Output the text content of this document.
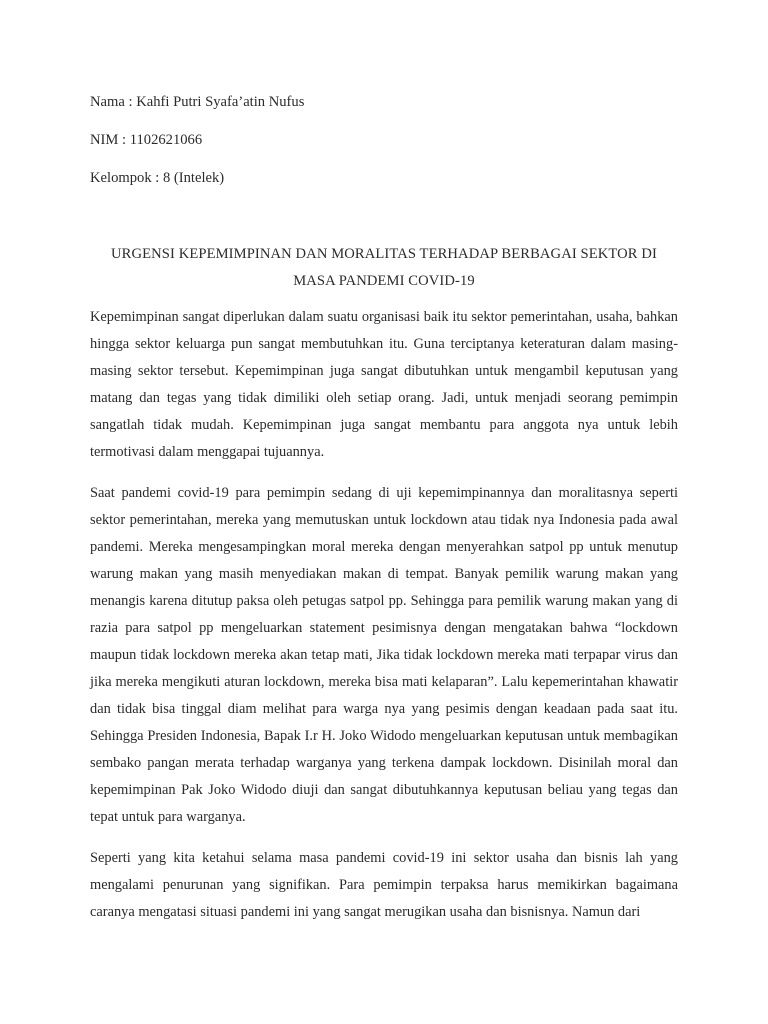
Nama : Kahfi Putri Syafa’atin Nufus

NIM : 1102621066

Kelompok : 8 (Intelek)

URGENSI KEPEMIMPINAN DAN MORALITAS TERHADAP BERBAGAI SEKTOR DI
MASA PANDEMI COVID-19

Kepemimpinan sangat diperlukan dalam suatu organisasi baik itu sektor pemerintahan, usaha, bahkan hingga sektor keluarga pun sangat membutuhkan itu. Guna terciptanya keteraturan dalam masing-masing sektor tersebut. Kepemimpinan juga sangat dibutuhkan untuk mengambil keputusan yang matang dan tegas yang tidak dimiliki oleh setiap orang. Jadi, untuk menjadi seorang pemimpin sangatlah tidak mudah. Kepemimpinan juga sangat membantu para anggota nya untuk lebih termotivasi dalam menggapai tujuannya.

Saat pandemi covid-19 para pemimpin sedang di uji kepemimpinannya dan moralitasnya seperti sektor pemerintahan, mereka yang memutuskan untuk lockdown atau tidak nya Indonesia pada awal pandemi. Mereka mengesampingkan moral mereka dengan menyerahkan satpol pp untuk menutup warung makan yang masih menyediakan makan di tempat. Banyak pemilik warung makan yang menangis karena ditutup paksa oleh petugas satpol pp. Sehingga para pemilik warung makan yang di razia para satpol pp mengeluarkan statement pesimisnya dengan mengatakan bahwa “lockdown maupun tidak lockdown mereka akan tetap mati, Jika tidak lockdown mereka mati terpapar virus dan jika mereka mengikuti aturan lockdown, mereka bisa mati kelaparan”. Lalu kepemerintahan khawatir dan tidak bisa tinggal diam melihat para warga nya yang pesimis dengan keadaan pada saat itu. Sehingga Presiden Indonesia, Bapak I.r H. Joko Widodo mengeluarkan keputusan untuk membagikan sembako pangan merata terhadap warganya yang terkena dampak lockdown. Disinilah moral dan kepemimpinan Pak Joko Widodo diuji dan sangat dibutuhkannya keputusan beliau yang tegas dan tepat untuk para warganya.

Seperti yang kita ketahui selama masa pandemi covid-19 ini sektor usaha dan bisnis lah yang mengalami penurunan yang signifikan. Para pemimpin terpaksa harus memikirkan bagaimana caranya mengatasi situasi pandemi ini yang sangat merugikan usaha dan bisnisnya. Namun dari
